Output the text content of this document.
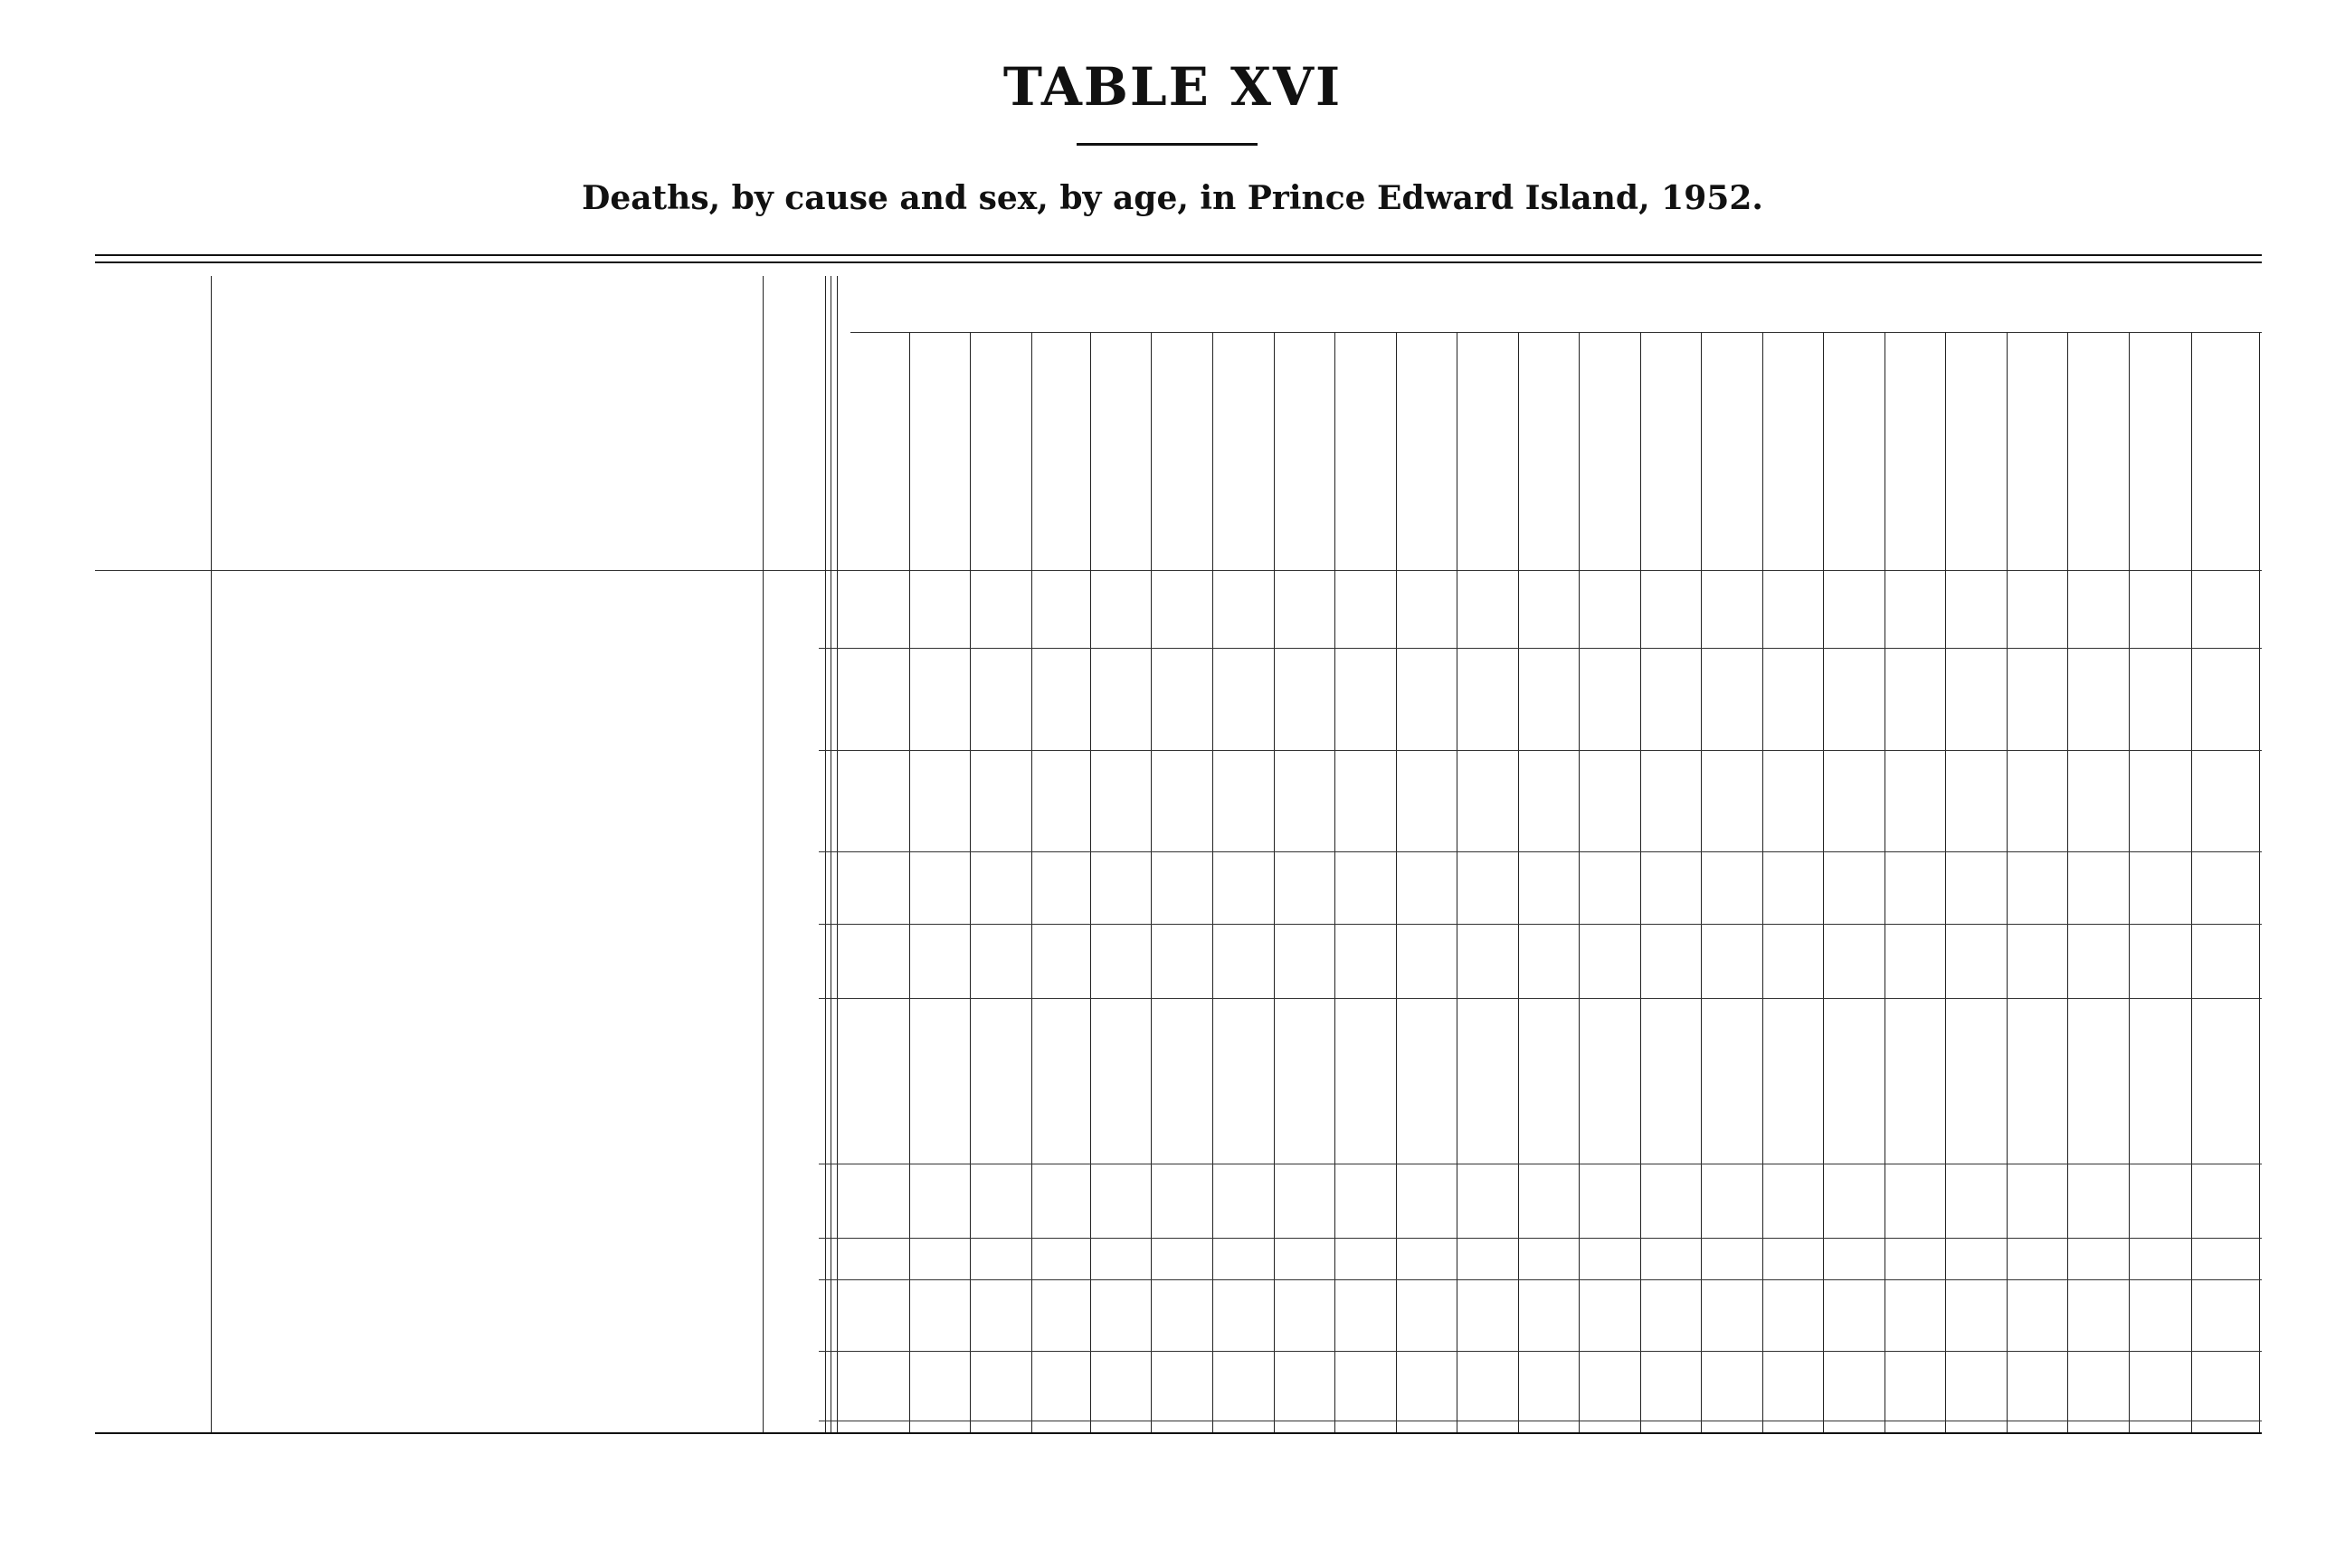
TABLE XVI
Deaths, by cause and sex, by age, in Prince Edward Island, 1952.
